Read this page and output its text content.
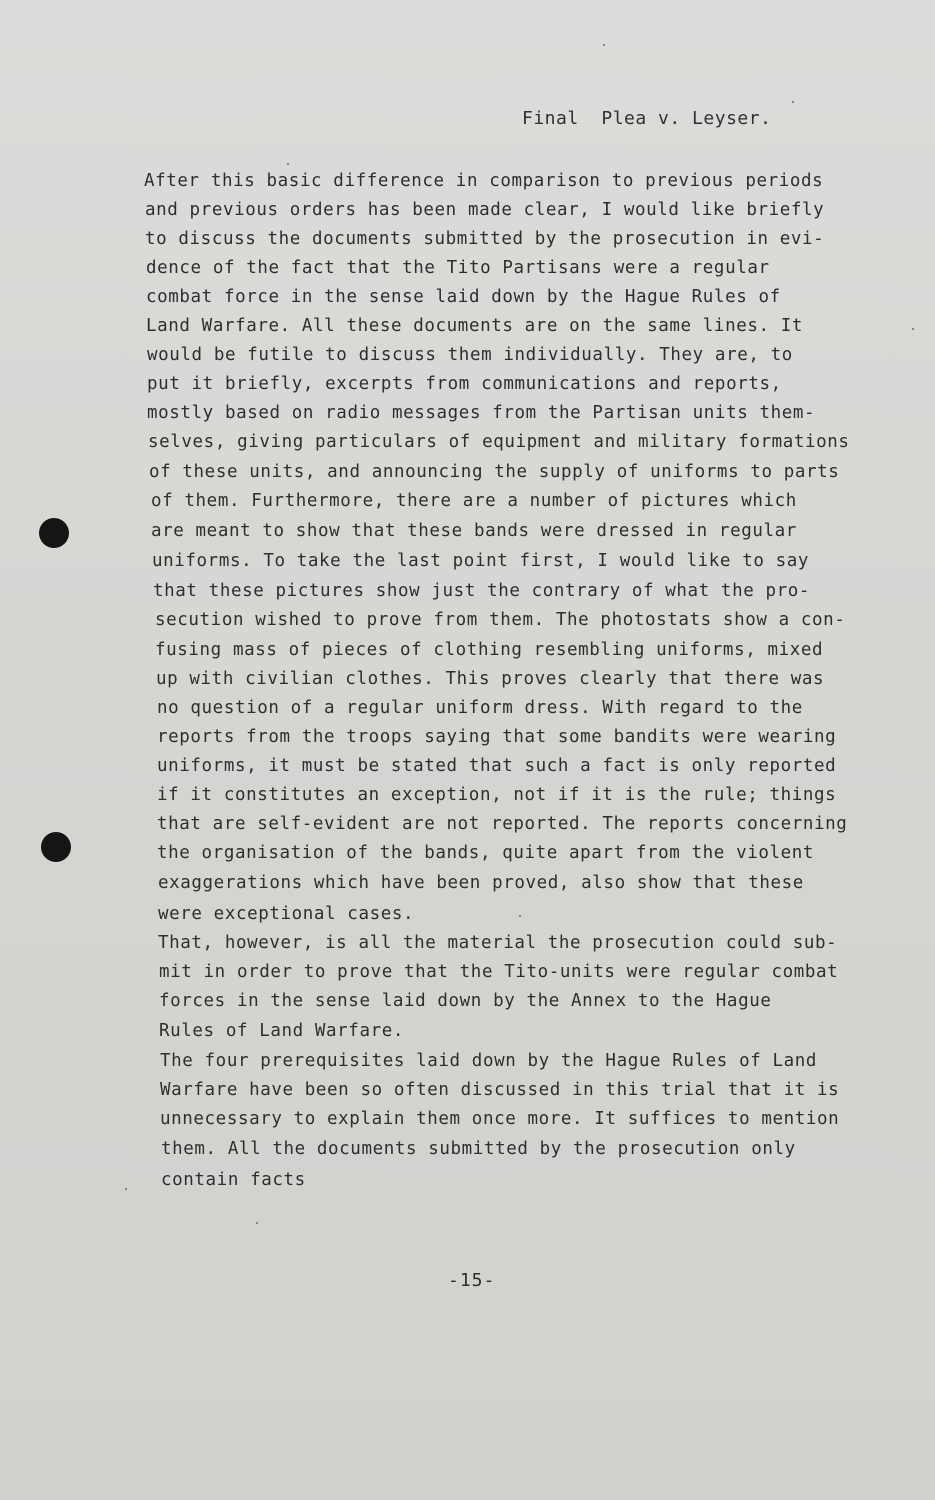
Final  Plea v. Leyser.
After this basic difference in comparison to previous periods
and previous orders has been made clear, I would like briefly
to discuss the documents submitted by the prosecution in evi-
dence of the fact that the Tito Partisans were a regular
combat force in the sense laid down by the Hague Rules of
Land Warfare. All these documents are on the same lines. It
would be futile to discuss them individually. They are, to
put it briefly, excerpts from communications and reports,
mostly based on radio messages from the Partisan units them-
selves, giving particulars of equipment and military formations
of these units, and announcing the supply of uniforms to parts
of them. Furthermore, there are a number of pictures which
are meant to show that these bands were dressed in regular
uniforms. To take the last point first, I would like to say
that these pictures show just the contrary of what the pro-
secution wished to prove from them. The photostats show a con-
fusing mass of pieces of clothing resembling uniforms, mixed
up with civilian clothes. This proves clearly that there was
no question of a regular uniform dress. With regard to the
reports from the troops saying that some bandits were wearing
uniforms, it must be stated that such a fact is only reported
if it constitutes an exception, not if it is the rule; things
that are self-evident are not reported. The reports concerning
the organisation of the bands, quite apart from the violent
exaggerations which have been proved, also show that these
were exceptional cases.
That, however, is all the material the prosecution could sub-
mit in order to prove that the Tito-units were regular combat
forces in the sense laid down by the Annex to the Hague
Rules of Land Warfare.
The four prerequisites laid down by the Hague Rules of Land
Warfare have been so often discussed in this trial that it is
unnecessary to explain them once more. It suffices to mention
them. All the documents submitted by the prosecution only
contain facts
-15-
